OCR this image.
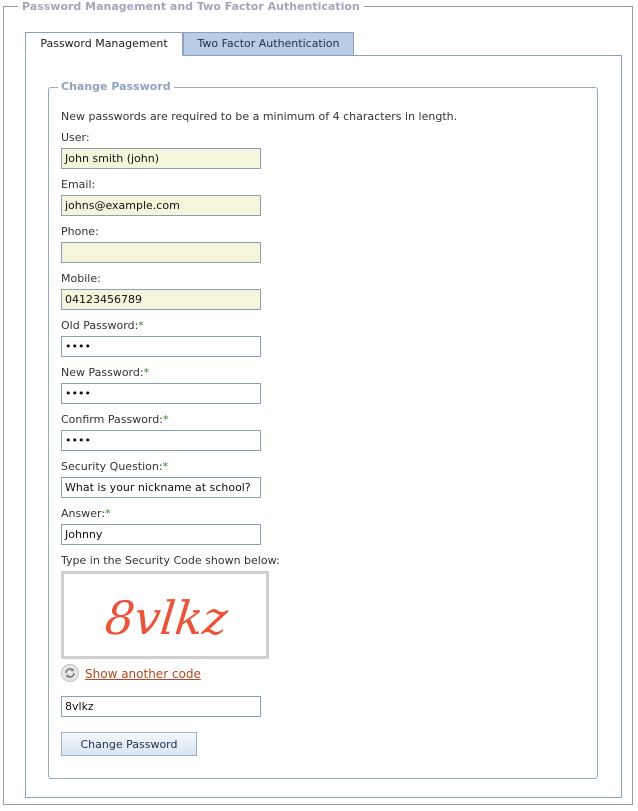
Password Management and Two Factor Authentication
Password Management	Two Factor Authentication
Change Password
New passwords are required to be a minimum of 4 characters in length.
User:
John smith (john)
Email:
johns@example.com
Phone:
Mobile:
04123456789
Old Password:*
••••
New Password:*
••••
Confirm Password:*
••••
Security Question:*
What is your nickname at school?
Answer:*
Johnny
Type in the Security Code shown below:
8vlkz
Show another code
8vlkz
Change Password
